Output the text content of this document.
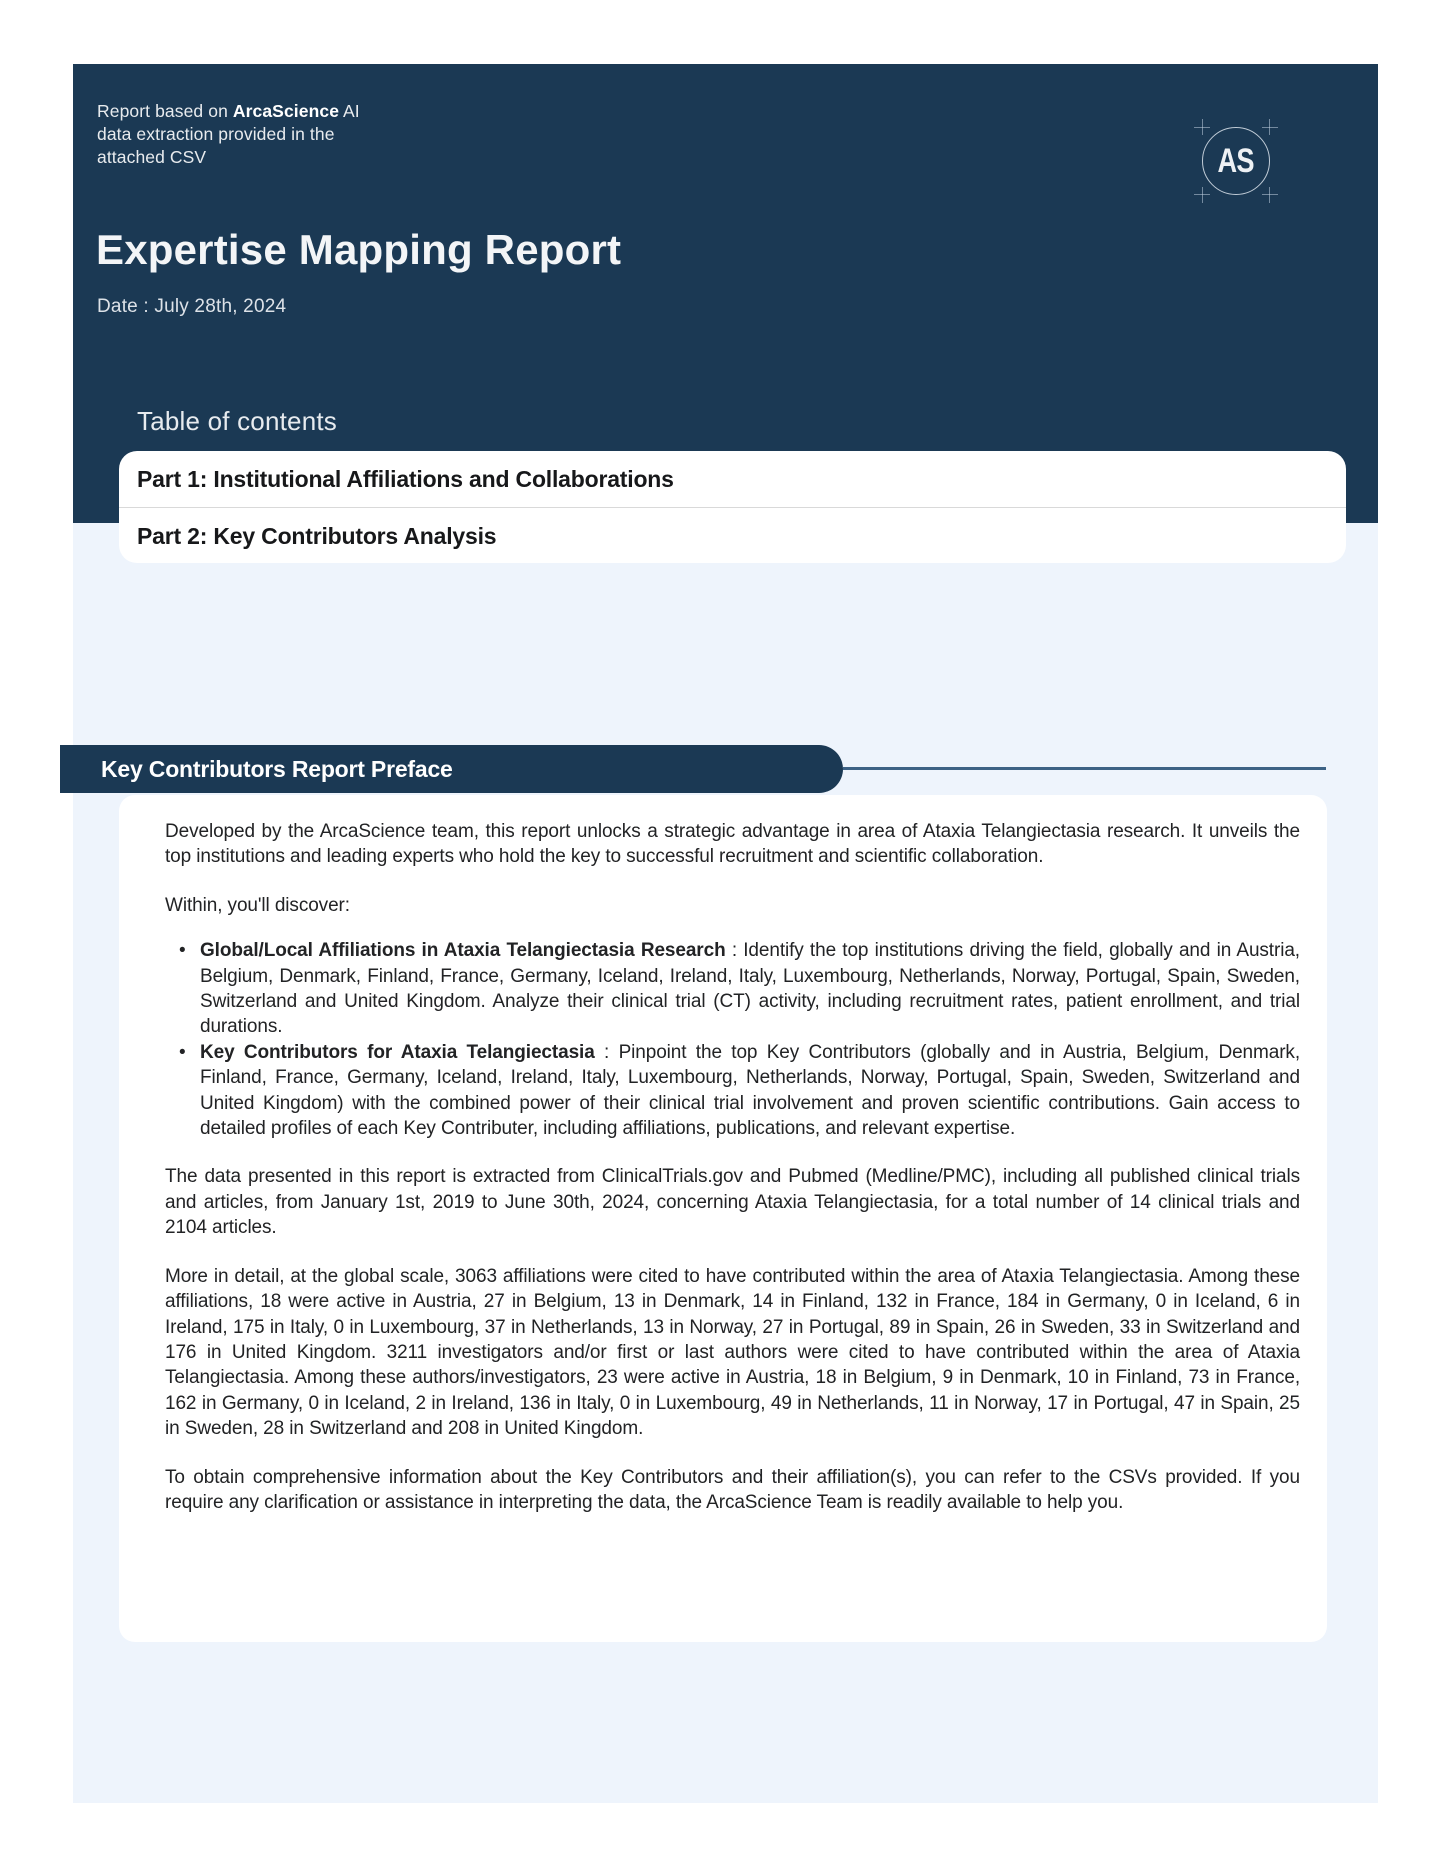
Report based on ArcaScience AI data extraction provided in the attached CSV	AS
Expertise Mapping Report
Date : July 28th, 2024
Table of contents
Part 1: Institutional Affiliations and Collaborations
Part 2: Key Contributors Analysis
Key Contributors Report Preface

Developed by the ArcaScience team, this report unlocks a strategic advantage in area of Ataxia Telangiectasia research. It unveils the top institutions and leading experts who hold the key to successful recruitment and scientific collaboration.

Within, you'll discover:

• Global/Local Affiliations in Ataxia Telangiectasia Research : Identify the top institutions driving the field, globally and in Austria, Belgium, Denmark, Finland, France, Germany, Iceland, Ireland, Italy, Luxembourg, Netherlands, Norway, Portugal, Spain, Sweden, Switzerland and United Kingdom. Analyze their clinical trial (CT) activity, including recruitment rates, patient enrollment, and trial durations.
• Key Contributors for Ataxia Telangiectasia : Pinpoint the top Key Contributors (globally and in Austria, Belgium, Denmark, Finland, France, Germany, Iceland, Ireland, Italy, Luxembourg, Netherlands, Norway, Portugal, Spain, Sweden, Switzerland and United Kingdom) with the combined power of their clinical trial involvement and proven scientific contributions. Gain access to detailed profiles of each Key Contributer, including affiliations, publications, and relevant expertise.

The data presented in this report is extracted from ClinicalTrials.gov and Pubmed (Medline/PMC), including all published clinical trials and articles, from January 1st, 2019 to June 30th, 2024, concerning Ataxia Telangiectasia, for a total number of 14 clinical trials and 2104 articles.

More in detail, at the global scale, 3063 affiliations were cited to have contributed within the area of Ataxia Telangiectasia. Among these affiliations, 18 were active in Austria, 27 in Belgium, 13 in Denmark, 14 in Finland, 132 in France, 184 in Germany, 0 in Iceland, 6 in Ireland, 175 in Italy, 0 in Luxembourg, 37 in Netherlands, 13 in Norway, 27 in Portugal, 89 in Spain, 26 in Sweden, 33 in Switzerland and 176 in United Kingdom. 3211 investigators and/or first or last authors were cited to have contributed within the area of Ataxia Telangiectasia. Among these authors/investigators, 23 were active in Austria, 18 in Belgium, 9 in Denmark, 10 in Finland, 73 in France, 162 in Germany, 0 in Iceland, 2 in Ireland, 136 in Italy, 0 in Luxembourg, 49 in Netherlands, 11 in Norway, 17 in Portugal, 47 in Spain, 25 in Sweden, 28 in Switzerland and 208 in United Kingdom.

To obtain comprehensive information about the Key Contributors and their affiliation(s), you can refer to the CSVs provided. If you require any clarification or assistance in interpreting the data, the ArcaScience Team is readily available to help you.
